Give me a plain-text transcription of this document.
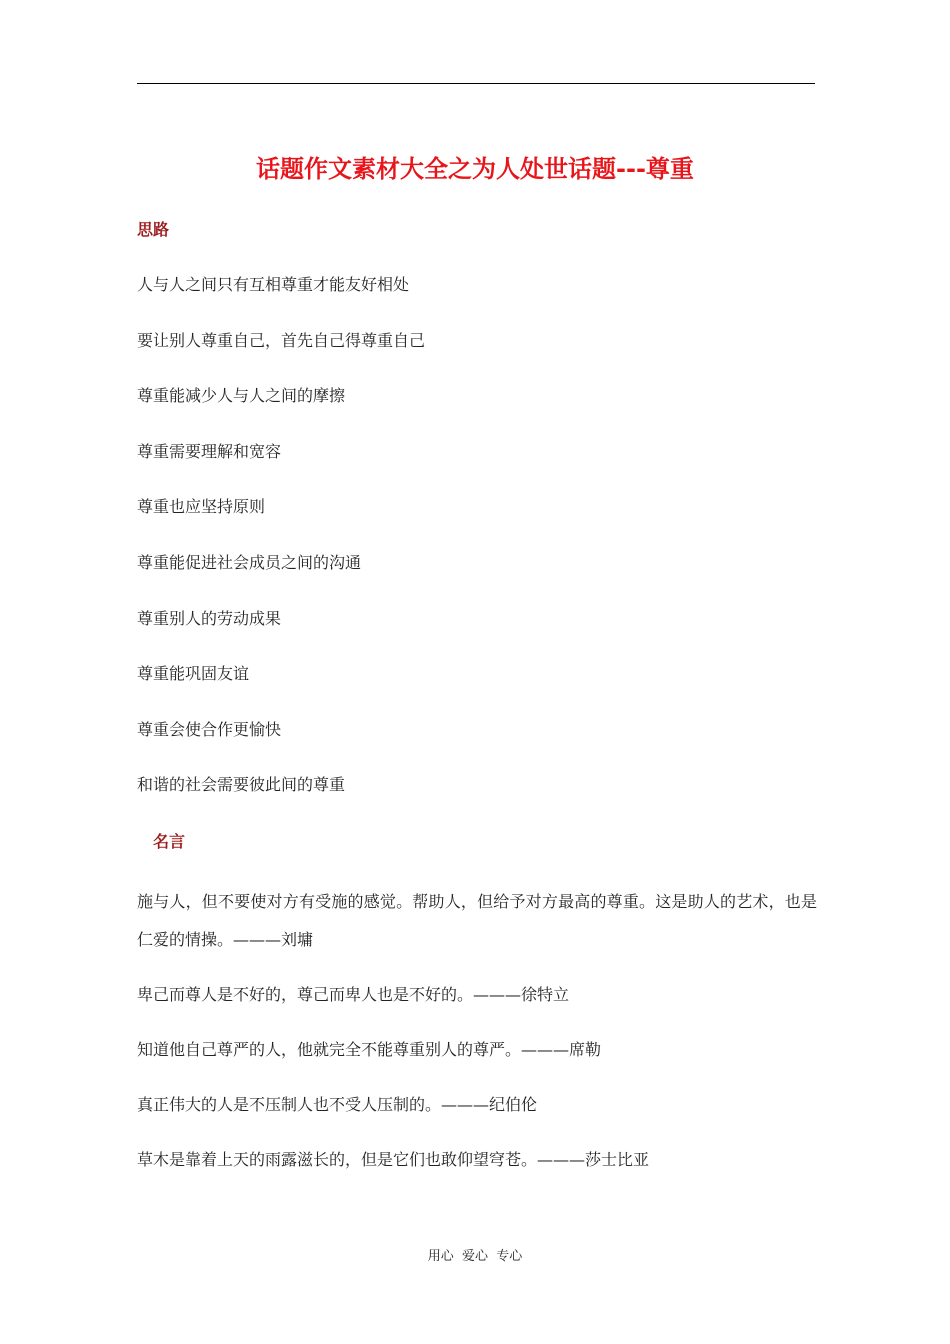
话题作文素材大全之为人处世话题---尊重
思路
人与人之间只有互相尊重才能友好相处
要让别人尊重自己，首先自己得尊重自己
尊重能减少人与人之间的摩擦
尊重需要理解和宽容
尊重也应坚持原则
尊重能促进社会成员之间的沟通
尊重别人的劳动成果
尊重能巩固友谊
尊重会使合作更愉快
和谐的社会需要彼此间的尊重
名言
施与人，但不要使对方有受施的感觉。帮助人，但给予对方最高的尊重。这是助人的艺术，也是仁爱的情操。———刘墉
卑己而尊人是不好的，尊己而卑人也是不好的。———徐特立
知道他自己尊严的人，他就完全不能尊重别人的尊严。———席勒
真正伟大的人是不压制人也不受人压制的。———纪伯伦
草木是靠着上天的雨露滋长的，但是它们也敢仰望穹苍。———莎士比亚
用心  爱心  专心
